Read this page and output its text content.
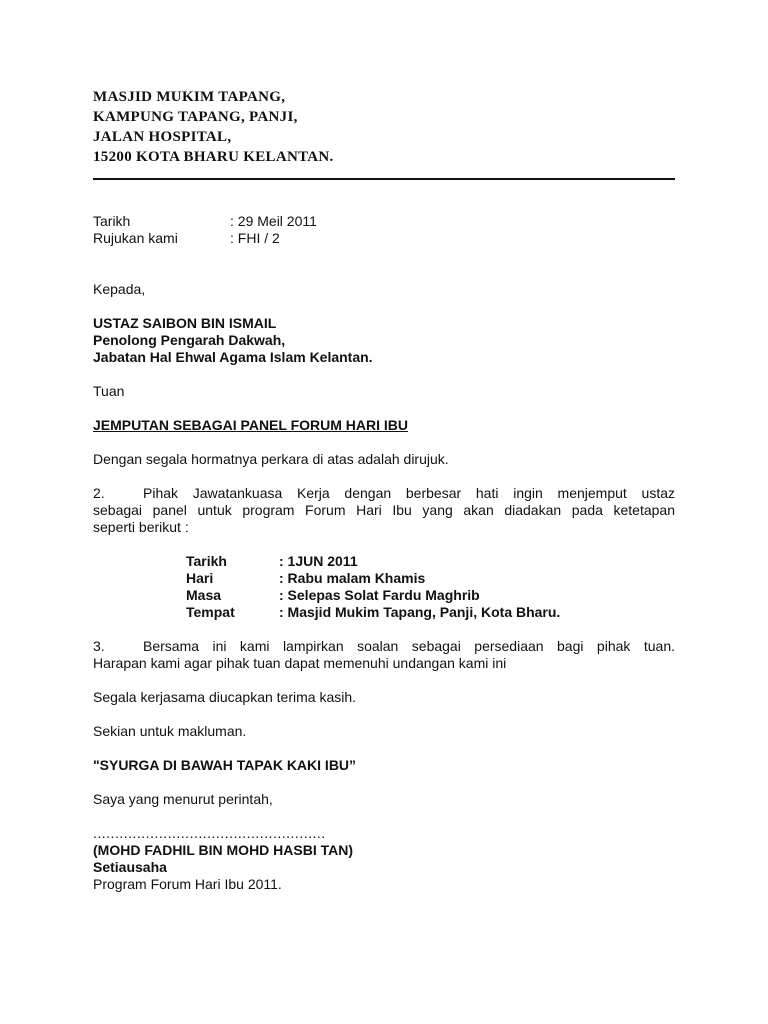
MASJID MUKIM TAPANG,
KAMPUNG TAPANG, PANJI,
JALAN HOSPITAL,
15200 KOTA BHARU KELANTAN.
Tarikh	: 29 Meil 2011
Rujukan kami	: FHI / 2

Kepada,

USTAZ SAIBON BIN ISMAIL

Penolong Pengarah Dakwah,

Jabatan Hal Ehwal Agama Islam Kelantan.

Tuan

JEMPUTAN SEBAGAI PANEL FORUM HARI IBU

Dengan segala hormatnya perkara di atas adalah dirujuk.

2.	Pihak Jawatankuasa Kerja dengan berbesar hati ingin menjemput ustaz

sebagai panel untuk program Forum Hari Ibu yang akan diadakan pada ketetapan

seperti berikut :

Tarikh	: 1JUN 2011
Hari	: Rabu malam Khamis
Masa	: Selepas Solat Fardu Maghrib
Tempat	: Masjid Mukim Tapang, Panji, Kota Bharu.

3.	Bersama ini kami lampirkan soalan sebagai persediaan bagi pihak tuan.

Harapan kami agar pihak tuan dapat memenuhi undangan kami ini

Segala kerjasama diucapkan terima kasih.

Sekian untuk makluman.

"SYURGA DI BAWAH TAPAK KAKI IBU”

Saya yang menurut perintah,

.....................................................

(MOHD FADHIL BIN MOHD HASBI TAN)

Setiausaha

Program Forum Hari Ibu 2011.
